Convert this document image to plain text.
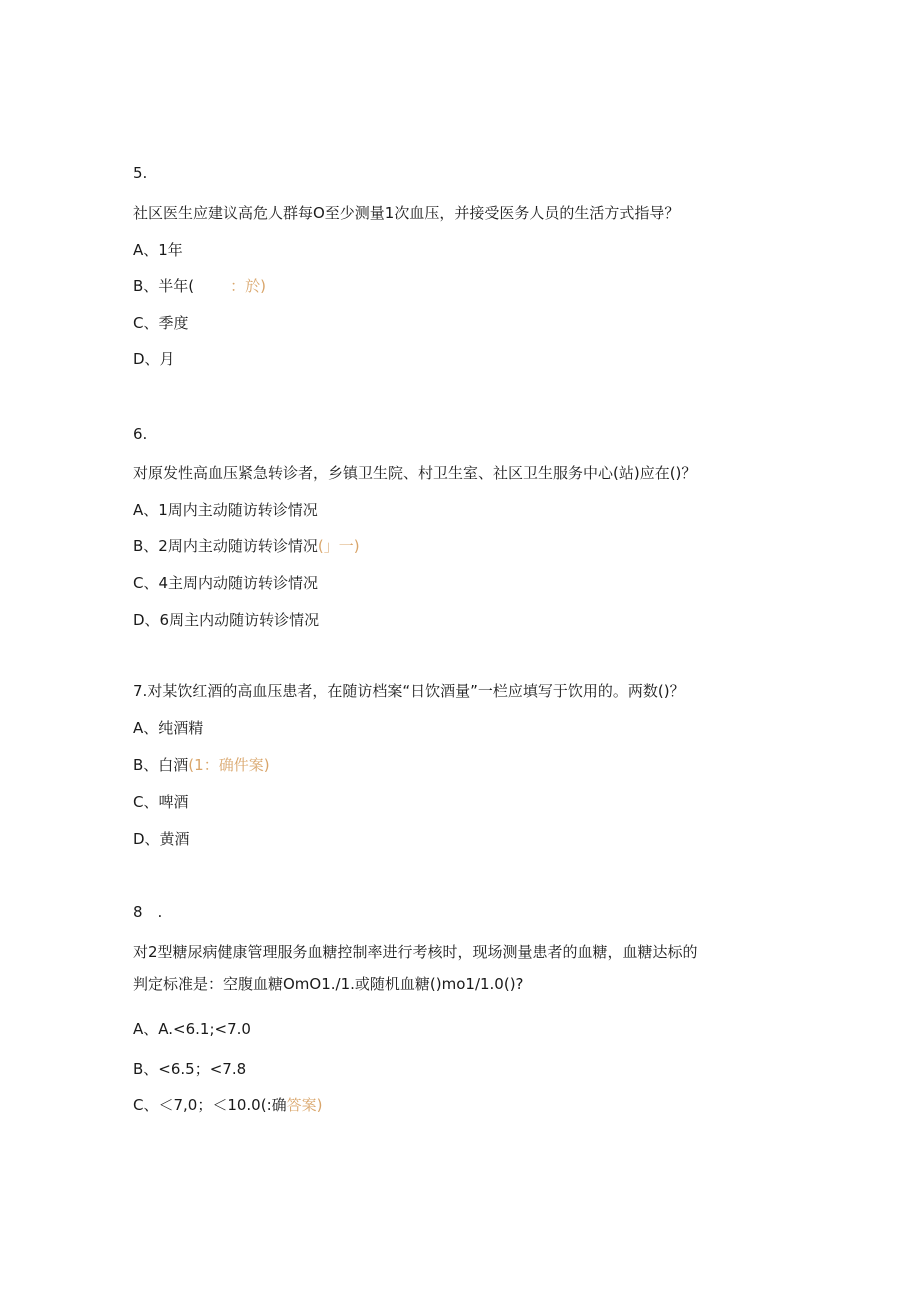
5.
社区医生应建议高危人群每O至少测量1次血压，并接受医务人员的生活方式指导？
A、1年
B、半年( ：於)
C、季度
D、月
6.
对原发性高血压紧急转诊者，乡镇卫生院、村卫生室、社区卫生服务中心(站)应在()？
A、1周内主动随访转诊情况
B、2周内主动随访转诊情况(」一)
C、4主周内动随访转诊情况
D、6周主内动随访转诊情况
7.对某饮红酒的高血压患者，在随访档案“日饮酒量”一栏应填写于饮用的。两数()？
A、纯酒精
B、白酒(1：确件案)
C、啤酒
D、黄酒
8　.
对2型糖尿病健康管理服务血糖控制率进行考核时，现场测量患者的血糖，血糖达标的
判定标准是：空腹血糖OmO1./1.或随机血糖()mo1∕1.0()?
A、A.<6.1;<7.0
B、<6.5；<7.8
C、＜7,0；＜10.0(:确答案)
